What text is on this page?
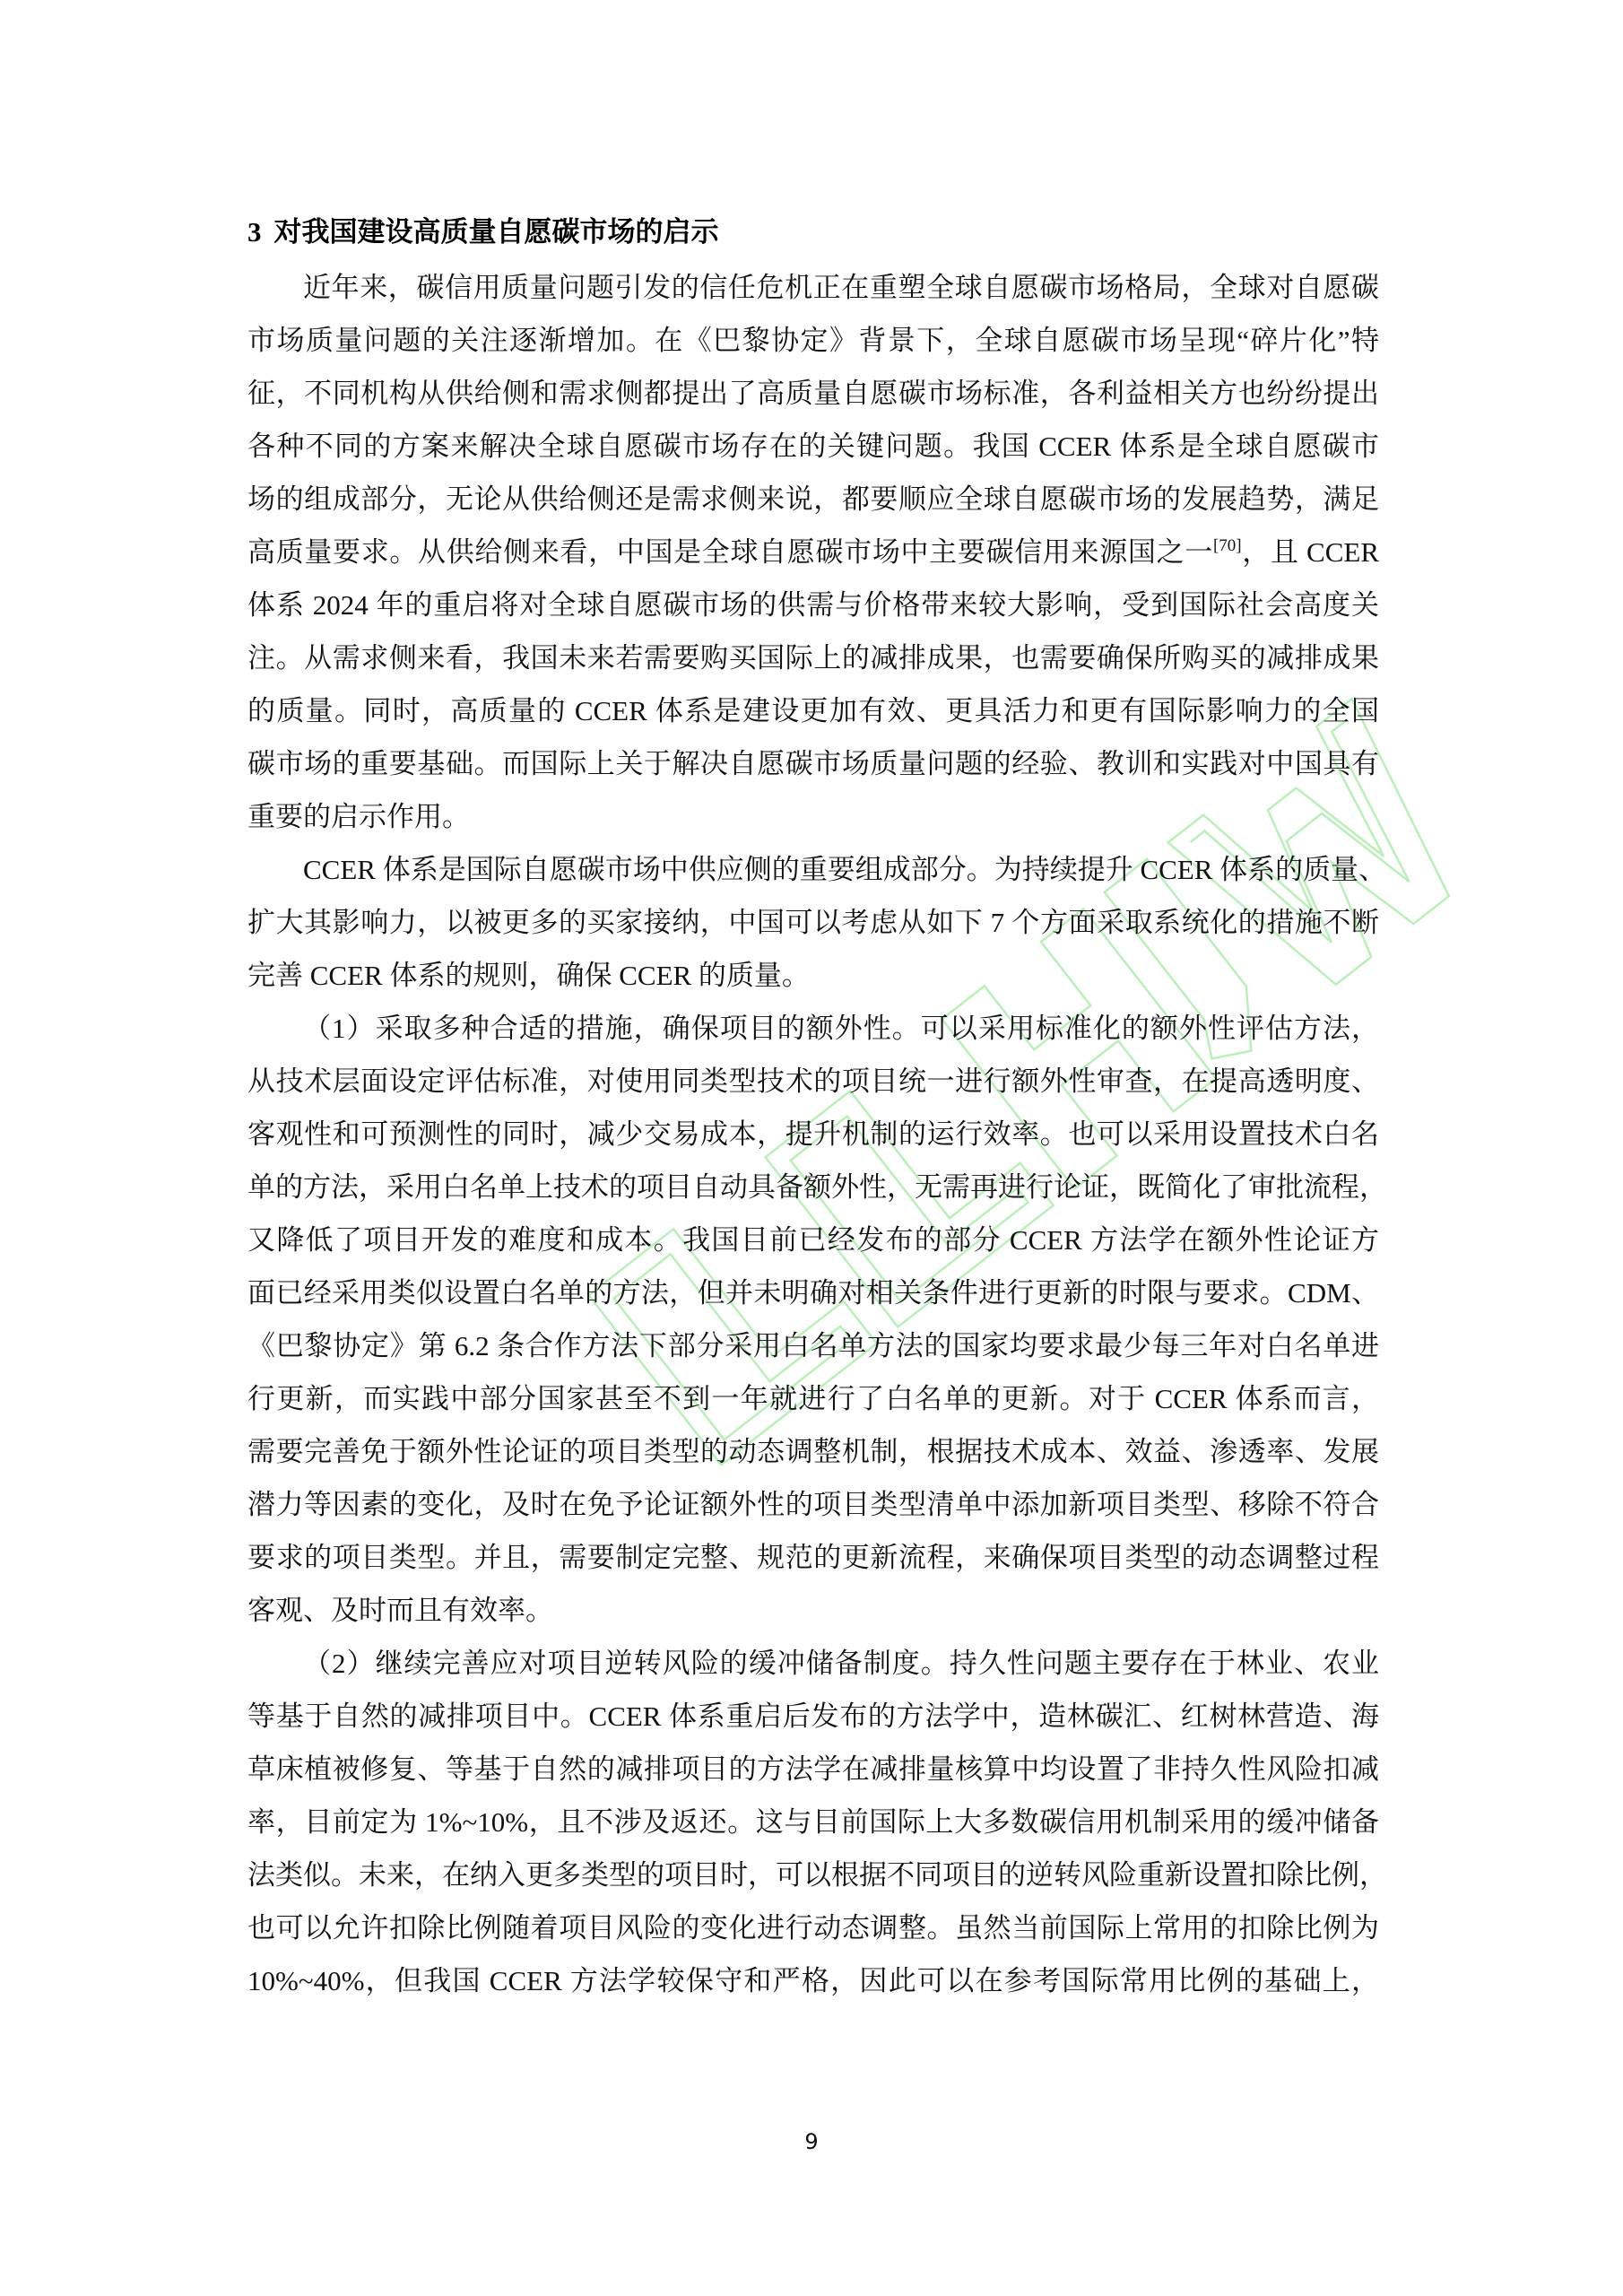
3 对我国建设高质量自愿碳市场的启示
近年来，碳信用质量问题引发的信任危机正在重塑全球自愿碳市场格局，全球对自愿碳
市场质量问题的关注逐渐增加。在《巴黎协定》背景下，全球自愿碳市场呈现“碎片化”特
征，不同机构从供给侧和需求侧都提出了高质量自愿碳市场标准，各利益相关方也纷纷提出
各种不同的方案来解决全球自愿碳市场存在的关键问题。我国 CCER 体系是全球自愿碳市
场的组成部分，无论从供给侧还是需求侧来说，都要顺应全球自愿碳市场的发展趋势，满足
高质量要求。从供给侧来看，中国是全球自愿碳市场中主要碳信用来源国之一[70]，且 CCER
体系 2024 年的重启将对全球自愿碳市场的供需与价格带来较大影响，受到国际社会高度关
注。从需求侧来看，我国未来若需要购买国际上的减排成果，也需要确保所购买的减排成果
的质量。同时，高质量的 CCER 体系是建设更加有效、更具活力和更有国际影响力的全国
碳市场的重要基础。而国际上关于解决自愿碳市场质量问题的经验、教训和实践对中国具有
重要的启示作用。
CCER 体系是国际自愿碳市场中供应侧的重要组成部分。为持续提升 CCER 体系的质量、
扩大其影响力，以被更多的买家接纳，中国可以考虑从如下 7 个方面采取系统化的措施不断
完善 CCER 体系的规则，确保 CCER 的质量。
（1）采取多种合适的措施，确保项目的额外性。可以采用标准化的额外性评估方法，
从技术层面设定评估标准，对使用同类型技术的项目统一进行额外性审查，在提高透明度、
客观性和可预测性的同时，减少交易成本，提升机制的运行效率。也可以采用设置技术白名
单的方法，采用白名单上技术的项目自动具备额外性，无需再进行论证，既简化了审批流程，
又降低了项目开发的难度和成本。我国目前已经发布的部分 CCER 方法学在额外性论证方
面已经采用类似设置白名单的方法，但并未明确对相关条件进行更新的时限与要求。CDM、
《巴黎协定》第 6.2 条合作方法下部分采用白名单方法的国家均要求最少每三年对白名单进
行更新，而实践中部分国家甚至不到一年就进行了白名单的更新。对于 CCER 体系而言，
需要完善免于额外性论证的项目类型的动态调整机制，根据技术成本、效益、渗透率、发展
潜力等因素的变化，及时在免予论证额外性的项目类型清单中添加新项目类型、移除不符合
要求的项目类型。并且，需要制定完整、规范的更新流程，来确保项目类型的动态调整过程
客观、及时而且有效率。
（2）继续完善应对项目逆转风险的缓冲储备制度。持久性问题主要存在于林业、农业
等基于自然的减排项目中。CCER 体系重启后发布的方法学中，造林碳汇、红树林营造、海
草床植被修复、等基于自然的减排项目的方法学在减排量核算中均设置了非持久性风险扣减
率，目前定为 1%~10%，且不涉及返还。这与目前国际上大多数碳信用机制采用的缓冲储备
法类似。未来，在纳入更多类型的项目时，可以根据不同项目的逆转风险重新设置扣除比例，
也可以允许扣除比例随着项目风险的变化进行动态调整。虽然当前国际上常用的扣除比例为
10%~40%，但我国 CCER 方法学较保守和严格，因此可以在参考国际常用比例的基础上，
9
